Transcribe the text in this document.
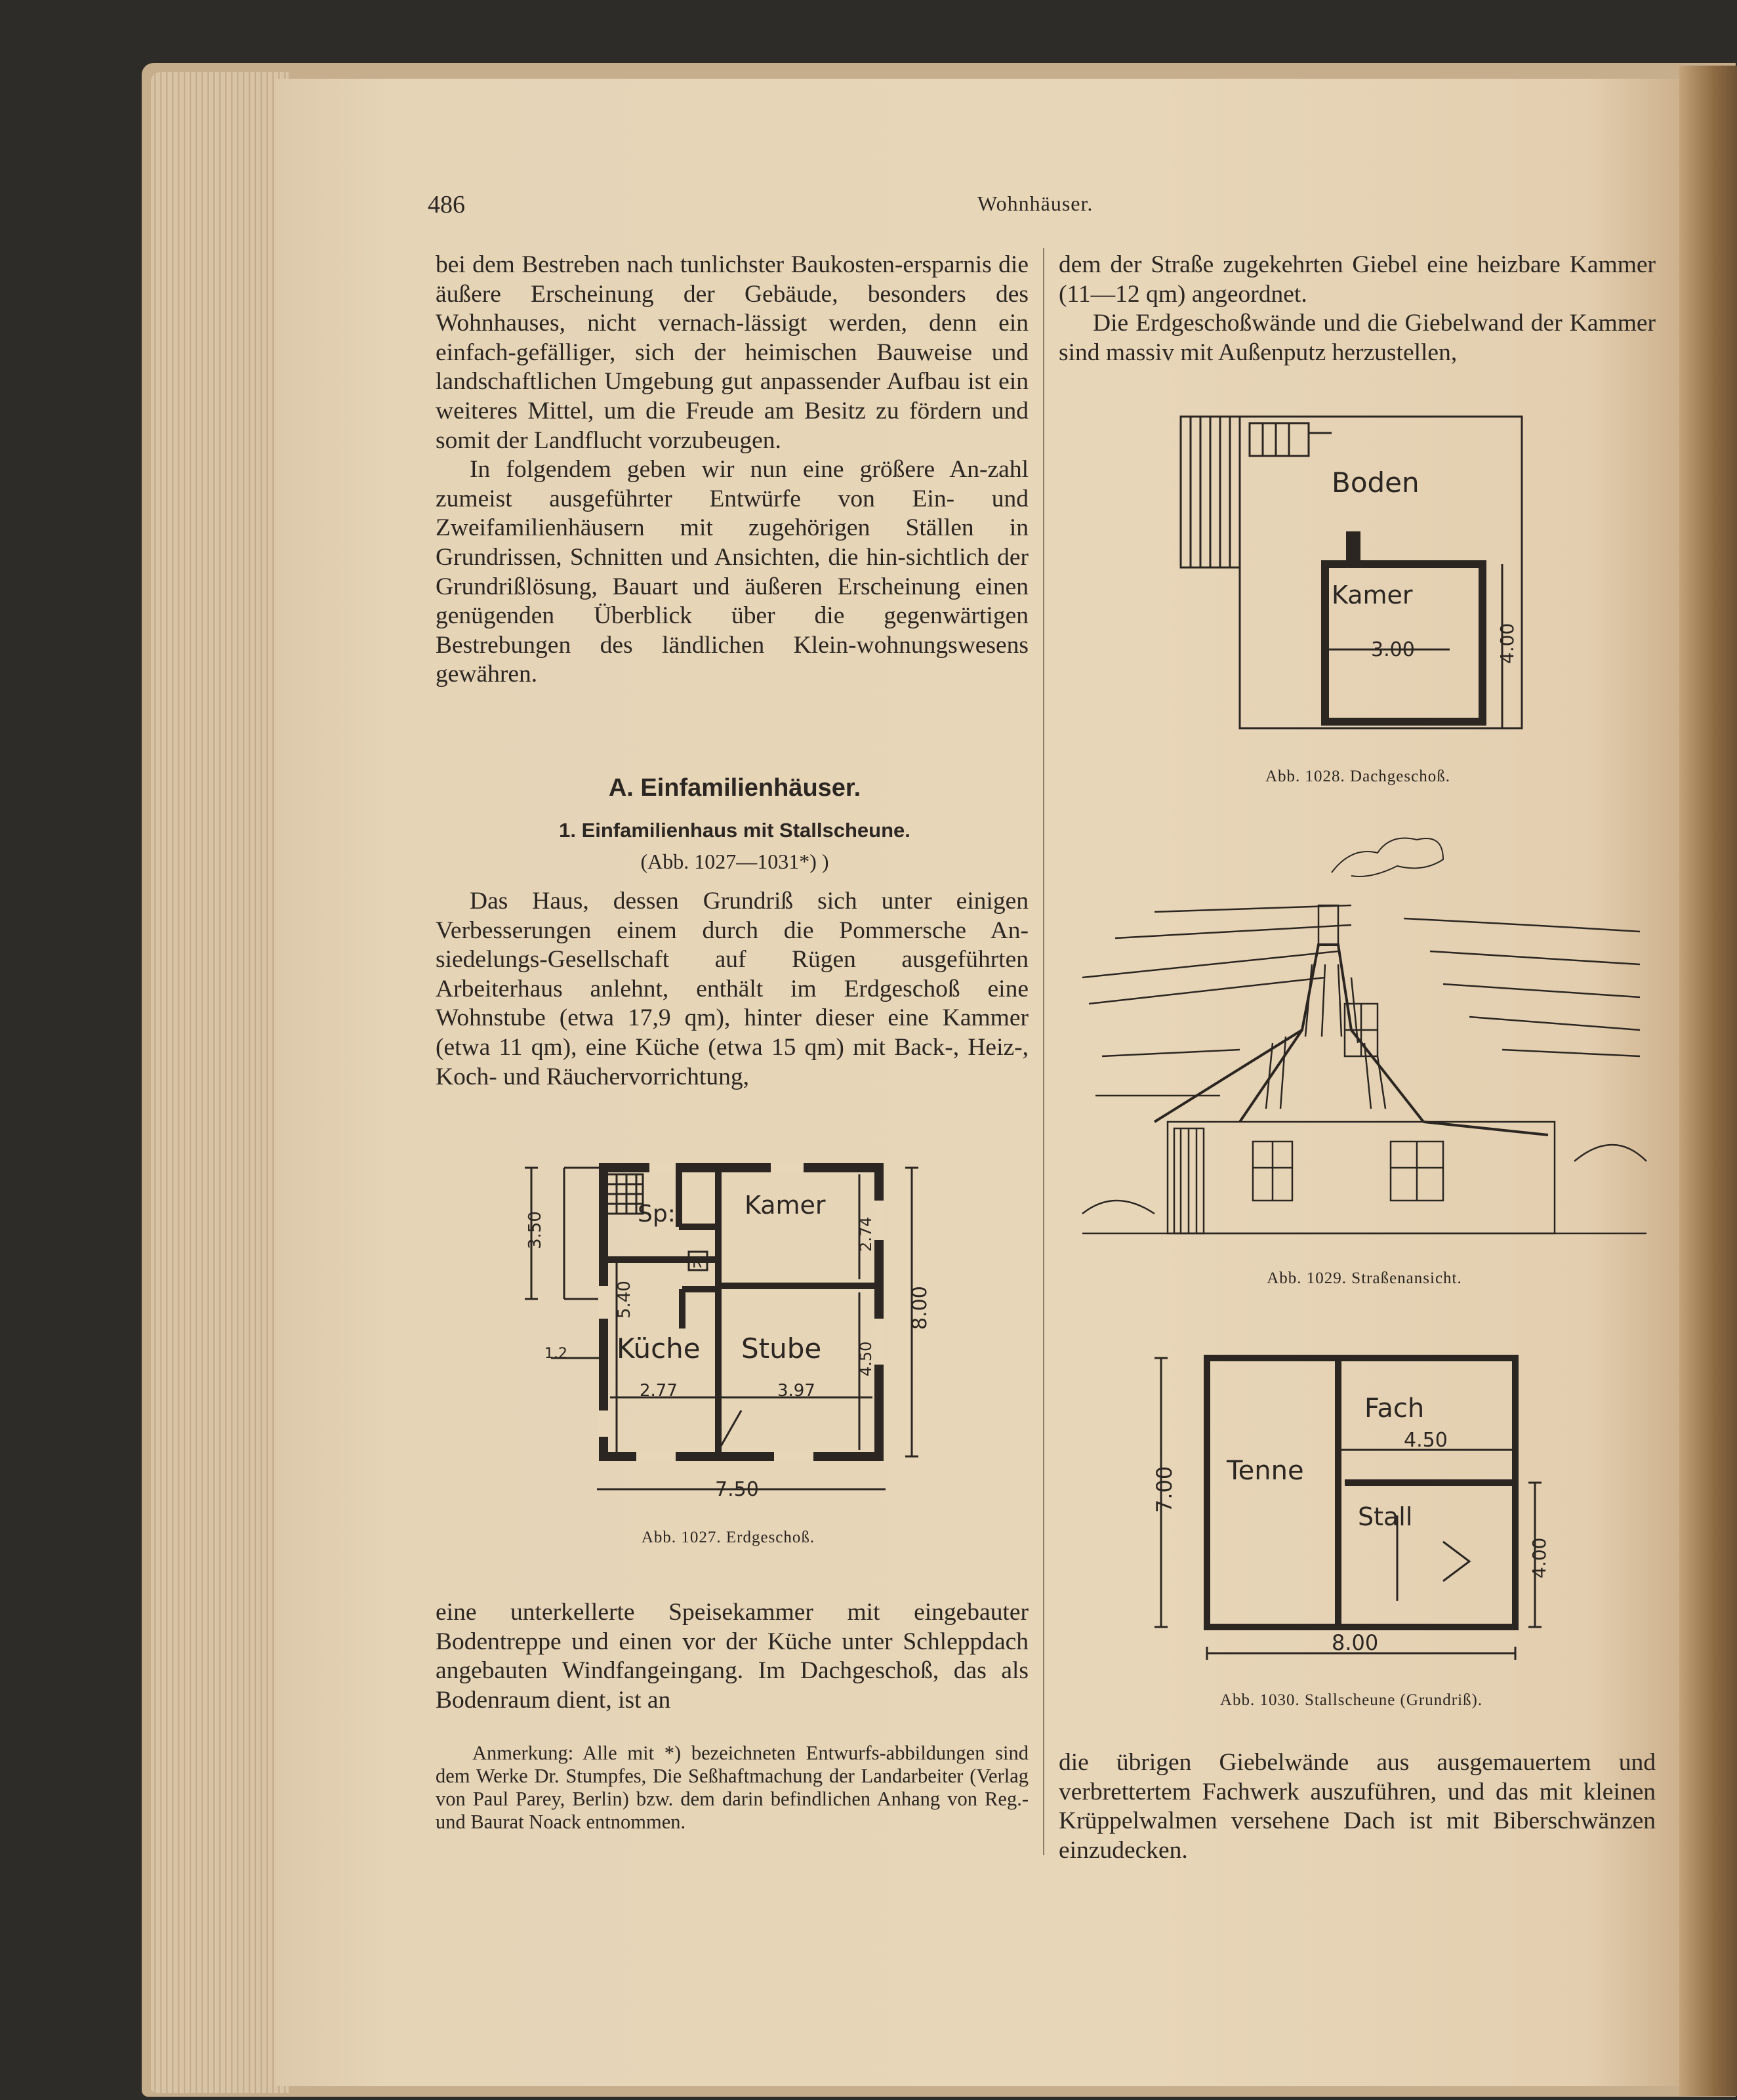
486	Wohnhäuser.

bei dem Bestreben nach tunlichster Baukosten-ersparnis die äußere Erscheinung der Gebäude, besonders des Wohnhauses, nicht vernach-lässigt werden, denn ein einfach-gefälliger, sich der heimischen Bauweise und landschaftlichen Umgebung gut anpassender Aufbau ist ein weiteres Mittel, um die Freude am Besitz zu fördern und somit der Landflucht vorzubeugen.

In folgendem geben wir nun eine größere An-zahl zumeist ausgeführter Entwürfe von Ein- und Zweifamilienhäusern mit zugehörigen Ställen in Grundrissen, Schnitten und Ansichten, die hin-sichtlich der Grundrißlösung, Bauart und äußeren Erscheinung einen genügenden Überblick über die gegenwärtigen Bestrebungen des ländlichen Klein-wohnungswesens gewähren.

A. Einfamilienhäuser.
1. Einfamilienhaus mit Stallscheune.
(Abb. 1027—1031*) )

Das Haus, dessen Grundriß sich unter einigen Verbesserungen einem durch die Pommersche An-siedelungs-Gesellschaft auf Rügen ausgeführten Arbeiterhaus anlehnt, enthält im Erdgeschoß eine Wohnstube (etwa 17,9 qm), hinter dieser eine Kammer (etwa 11 qm), eine Küche (etwa 15 qm) mit Back-, Heiz-, Koch- und Räuchervorrichtung,

Sp:	Kamer
R
Küche Stube
3.50
5.40
2.74
4.50
8.00
1.2
2.77	3.97
7.50
Abb. 1027. Erdgeschoß.

eine unterkellerte Speisekammer mit eingebauter Bodentreppe und einen vor der Küche unter Schleppdach angebauten Windfangeingang. Im Dachgeschoß, das als Bodenraum dient, ist an

Anmerkung: Alle mit *) bezeichneten Entwurfs-abbildungen sind dem Werke Dr. Stumpfes, Die Seßhaftmachung der Landarbeiter (Verlag von Paul Parey, Berlin) bzw. dem darin befindlichen Anhang von Reg.- und Baurat Noack entnommen.

dem der Straße zugekehrten Giebel eine heizbare Kammer (11—12 qm) angeordnet.

Die Erdgeschoßwände und die Giebelwand der Kammer sind massiv mit Außenputz herzustellen,

Boden
Kamer
3.00	4.00
Abb. 1028. Dachgeschoß.
Abb. 1029. Straßenansicht.
Fach
Tenne
Stall
4.50
7.00
4.00
8.00
Abb. 1030. Stallscheune (Grundriß).

die übrigen Giebelwände aus ausgemauertem und verbrettertem Fachwerk auszuführen, und das mit kleinen Krüppelwalmen versehene Dach ist mit Biberschwänzen einzudecken.
